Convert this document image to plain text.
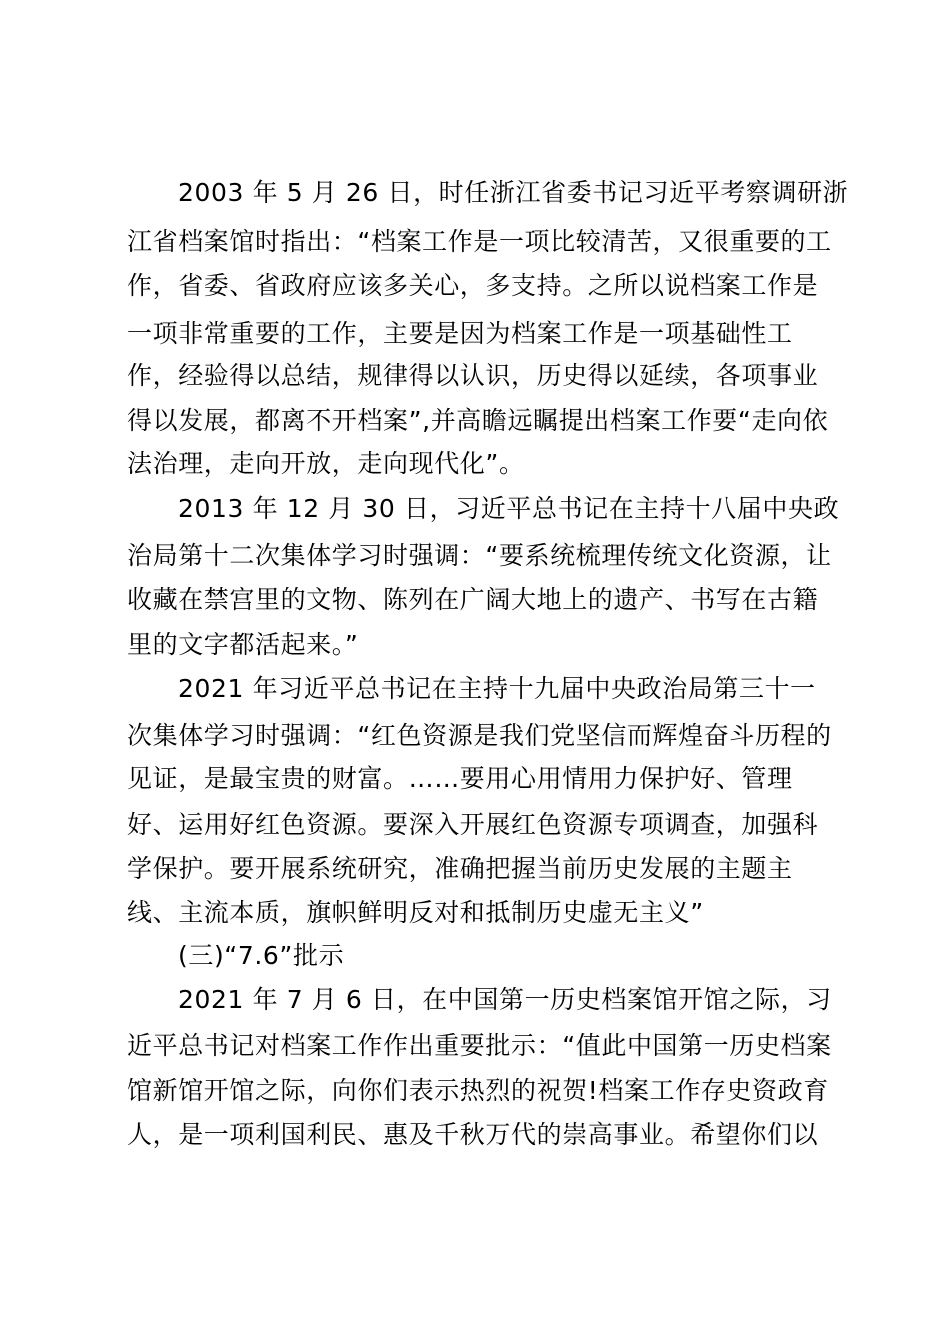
2003 年 5 月 26 日，时任浙江省委书记习近平考察调研浙
江省档案馆时指出：“档案工作是一项比较清苦，又很重要的工
作，省委、省政府应该多关心，多支持。之所以说档案工作是
一项非常重要的工作，主要是因为档案工作是一项基础性工
作，经验得以总结，规律得以认识，历史得以延续，各项事业
得以发展，都离不开档案”,并高瞻远瞩提出档案工作要“走向依
法治理，走向开放，走向现代化”。
2013 年 12 月 30 日，习近平总书记在主持十八届中央政
治局第十二次集体学习时强调：“要系统梳理传统文化资源，让
收藏在禁宫里的文物、陈列在广阔大地上的遗产、书写在古籍
里的文字都活起来。”
2021 年习近平总书记在主持十九届中央政治局第三十一
次集体学习时强调：“红色资源是我们党坚信而辉煌奋斗历程的
见证，是最宝贵的财富。……要用心用情用力保护好、管理
好、运用好红色资源。要深入开展红色资源专项调查，加强科
学保护。要开展系统研究，准确把握当前历史发展的主题主
线、主流本质，旗帜鲜明反对和抵制历史虚无主义”
(三)“7.6”批示
2021 年 7 月 6 日，在中国第一历史档案馆开馆之际，习
近平总书记对档案工作作出重要批示：“值此中国第一历史档案
馆新馆开馆之际，向你们表示热烈的祝贺!档案工作存史资政育
人，是一项利国利民、惠及千秋万代的崇高事业。希望你们以
